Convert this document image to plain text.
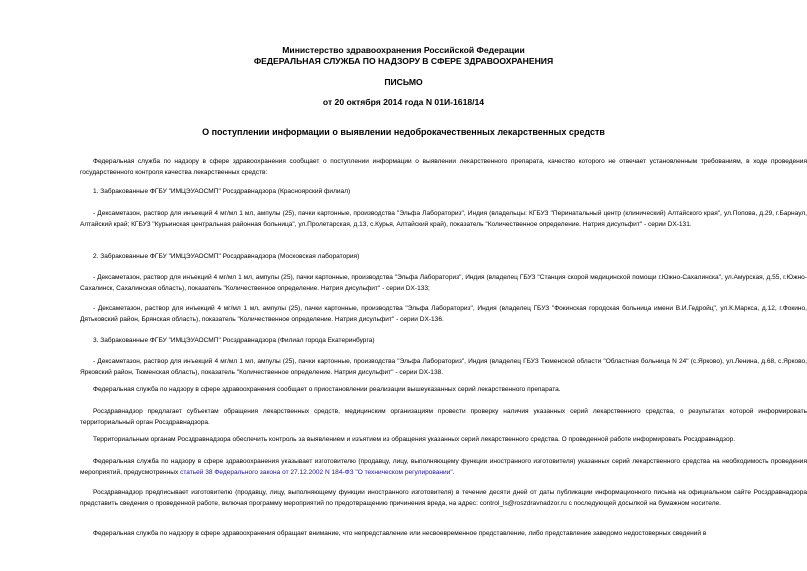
Министерство здравоохранения Российской Федерации
ФЕДЕРАЛЬНАЯ СЛУЖБА ПО НАДЗОРУ В СФЕРЕ ЗДРАВООХРАНЕНИЯ
ПИСЬМО
от 20 октября 2014 года N 01И-1618/14
О поступлении информации о выявлении недоброкачественных лекарственных средств

Федеральная служба по надзору в сфере здравоохранения сообщает о поступлении информации о выявлении лекарственного препарата, качество которого не отвечает установленным требованиям, в ходе проведения государственного контроля качества лекарственных средств:

1. Забракованные ФГБУ "ИМЦЭУАОСМП" Росздравнадзора (Красноярский филиал)

- Дексаметазон, раствор для инъекций 4 мг/мл 1 мл, ампулы (25), пачки картонные, производства "Эльфа Лабораториз", Индия (владельцы: КГБУЗ "Перинатальный центр (клинический) Алтайского края", ул.Попова, д.29, г.Барнаул, Алтайский край; КГБУЗ "Курьинская центральная районная больница", ул.Пролетарская, д.13, с.Курья, Алтайский край), показатель "Количественное определение. Натрия дисульфит" - серии DX-131.

2. Забракованные ФГБУ "ИМЦЭУАОСМП" Росздравнадзора (Московская лаборатория)

- Дексаметазон, раствор для инъекций 4 мг/мл 1 мл, ампулы (25), пачки картонные, производства "Эльфа Лабораториз", Индия (владелец ГБУЗ "Станция скорой медицинской помощи г.Южно-Сахалинска", ул.Амурская, д.55, г.Южно-Сахалинск, Сахалинская область), показатель "Количественное определение. Натрия дисульфит" - серии DX-133;

- Дексаметазон, раствор для инъекций 4 мг/мл 1 мл, ампулы (25), пачки картонные, производства "Эльфа Лабораториз", Индия (владелец ГБУЗ "Фокинская городская больница имени В.И.Гедройц", ул.К.Маркса, д.12, г.Фокино, Дятьковский район, Брянская область), показатель "Количественное определение. Натрия дисульфит" - серии DX-136.

3. Забракованные ФГБУ "ИМЦЭУАОСМП" Росздравнадзора (Филиал города Екатеринбурга)

- Дексаметазон, раствор для инъекций 4 мг/мл 1 мл, ампулы (25), пачки картонные, производства "Эльфа Лабораториз", Индия (владелец ГБУЗ Тюменской области "Областная больница N 24" (с.Ярково), ул.Ленина, д.68, с.Ярково, Ярковский район, Тюменская область), показатель "Количественное определение. Натрия дисульфит" - серии DX-138.

Федеральная служба по надзору в сфере здравоохранения сообщает о приостановлении реализации вышеуказанных серий лекарственного препарата.

Росздравнадзор предлагает субъектам обращения лекарственных средств, медицинским организациям провести проверку наличия указанных серий лекарственного средства, о результатах которой информировать территориальный орган Росздравнадзора.

Территориальным органам Росздравнадзора обеспечить контроль за выявлением и изъятием из обращения указанных серий лекарственного средства. О проведенной работе информировать Росздравнадзор.

Федеральная служба по надзору в сфере здравоохранения указывает изготовителю (продавцу, лицу, выполняющему функции иностранного изготовителя) указанных серий лекарственного средства на необходимость проведения мероприятий, предусмотренных статьей 38 Федерального закона от 27.12.2002 N 184-ФЗ "О техническом регулировании".

Росздравнадзор предписывает изготовителю (продавцу, лицу, выполняющему функции иностранного изготовителя) в течение десяти дней от даты публикации информационного письма на официальном сайте Росздравнадзора представить сведения о проведенной работе, включая программу мероприятий по предотвращению причинения вреда, на адрес: control_ls@roszdravnadzor.ru с последующей досылкой на бумажном носителе.

Федеральная служба по надзору в сфере здравоохранения обращает внимание, что непредставление или несвоевременное представление, либо представление заведомо недостоверных сведений в
